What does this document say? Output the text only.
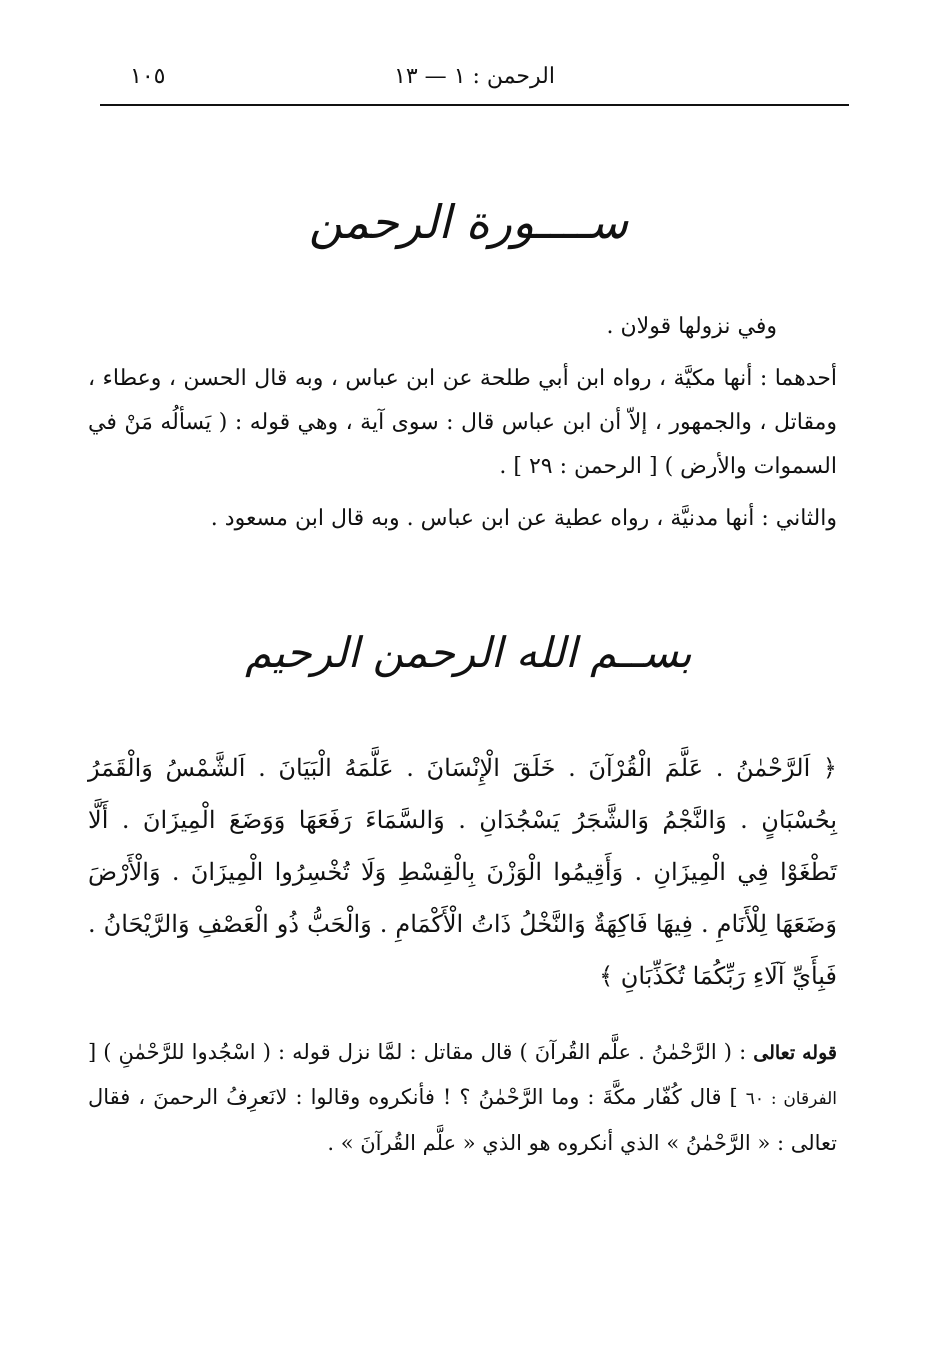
الرحمن : ١ — ١٣
١٠٥
ســــورة الرحمن

وفي نزولها قولان .

أحدهما : أنها مكيَّة ، رواه ابن أبي طلحة عن ابن عباس ، وبه قال الحسن ، وعطاء ، ومقاتل ، والجمهور ، إلاّ أن ابن عباس قال : سوى آية ، وهي قوله : ( يَسألُه مَنْ في السموات والأرض ) [ الرحمن : ٢٩ ] .

والثاني : أنها مدنيَّة ، رواه عطية عن ابن عباس . وبه قال ابن مسعود .

بســم الله الرحمن الرحيم
﴿ اَلرَّحْمٰنُ . عَلَّمَ الْقُرْآنَ . خَلَقَ الْإِنْسَانَ . عَلَّمَهُ الْبَيَانَ . اَلشَّمْسُ وَالْقَمَرُ بِحُسْبَانٍ . وَالنَّجْمُ وَالشَّجَرُ يَسْجُدَانِ . وَالسَّمَاءَ رَفَعَهَا وَوَضَعَ الْمِيزَانَ . أَلَّا تَطْغَوْا فِي الْمِيزَانِ . وَأَقِيمُوا الْوَزْنَ بِالْقِسْطِ وَلَا تُخْسِرُوا الْمِيزَانَ . وَالْأَرْضَ وَضَعَهَا لِلْأَنَامِ . فِيهَا فَاكِهَةٌ وَالنَّخْلُ ذَاتُ الْأَكْمَامِ . وَالْحَبُّ ذُو الْعَصْفِ وَالرَّيْحَانُ . فَبِأَيِّ آلَاءِ رَبِّكُمَا تُكَذِّبَانِ ﴾

قوله تعالى : ( الرَّحْمٰنُ . علَّم القُرآنَ ) قال مقاتل : لمَّا نزل قوله : ( اسْجُدوا للرَّحْمٰنِ ) [ الفرقان : ٦٠ ] قال كُفّار مكَّةَ : وما الرَّحْمٰنُ ؟ ! فأنكروه وقالوا : لانَعرِفُ الرحمنَ ، فقال تعالى : « الرَّحْمٰنُ » الذي أنكروه هو الذي « علَّم القُرآنَ » .
